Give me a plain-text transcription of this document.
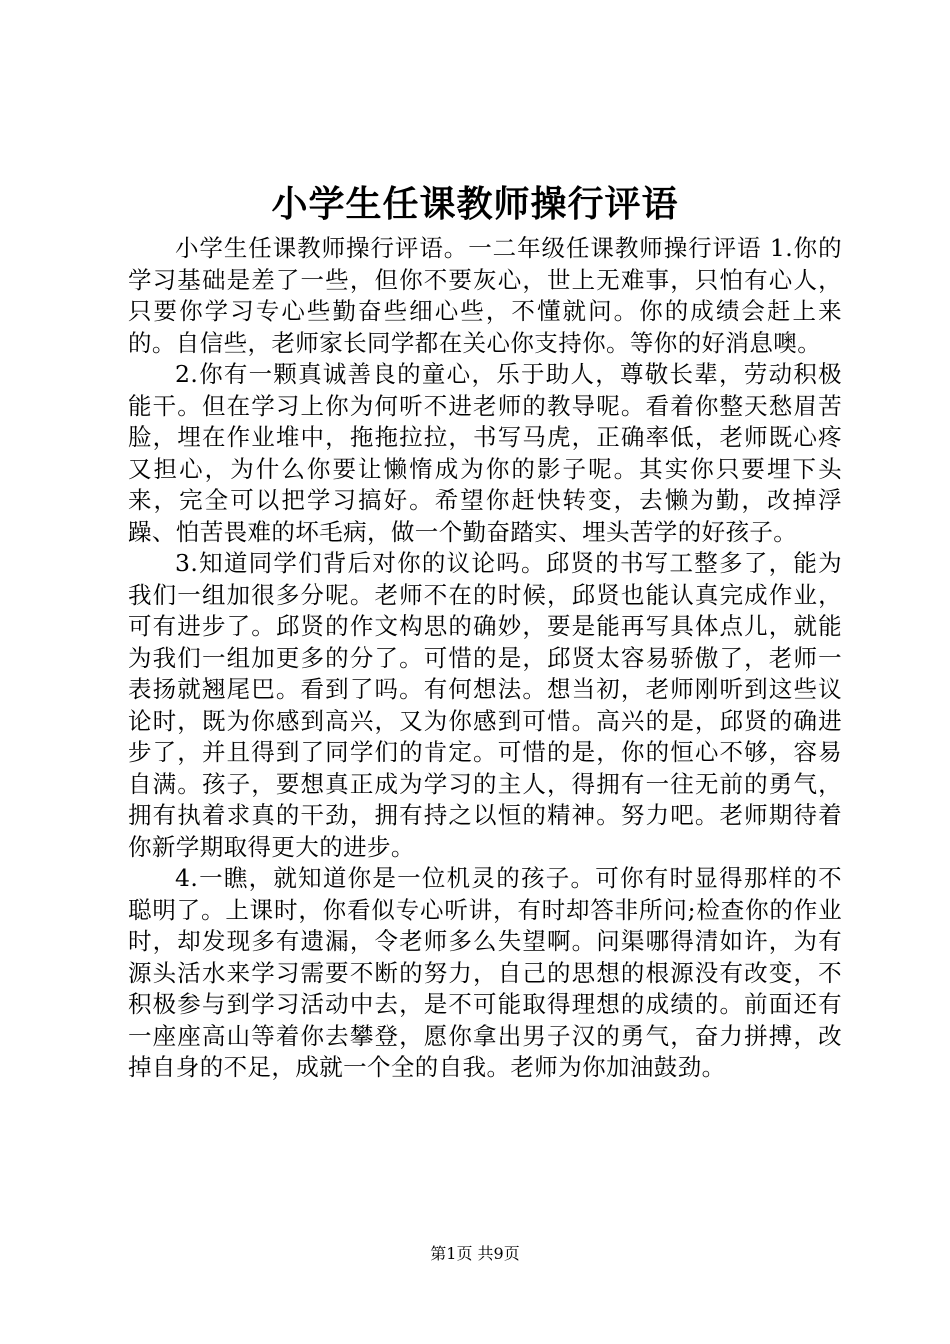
小学生任课教师操行评语

小学生任课教师操行评语。一二年级任课教师操行评语 1.你的学习基础是差了一些，但你不要灰心，世上无难事，只怕有心人，只要你学习专心些勤奋些细心些，不懂就问。你的成绩会赶上来的。自信些，老师家长同学都在关心你支持你。等你的好消息噢。

2.你有一颗真诚善良的童心，乐于助人，尊敬长辈，劳动积极能干。但在学习上你为何听不进老师的教导呢。看着你整天愁眉苦脸，埋在作业堆中，拖拖拉拉，书写马虎，正确率低，老师既心疼又担心，为什么你要让懒惰成为你的影子呢。其实你只要埋下头来，完全可以把学习搞好。希望你赶快转变，去懒为勤，改掉浮躁、怕苦畏难的坏毛病，做一个勤奋踏实、埋头苦学的好孩子。

3.知道同学们背后对你的议论吗。邱贤的书写工整多了，能为我们一组加很多分呢。老师不在的时候，邱贤也能认真完成作业，可有进步了。邱贤的作文构思的确妙，要是能再写具体点儿，就能为我们一组加更多的分了。可惜的是，邱贤太容易骄傲了，老师一表扬就翘尾巴。看到了吗。有何想法。想当初，老师刚听到这些议论时，既为你感到高兴，又为你感到可惜。高兴的是，邱贤的确进步了，并且得到了同学们的肯定。可惜的是，你的恒心不够，容易自满。孩子，要想真正成为学习的主人，得拥有一往无前的勇气，拥有执着求真的干劲，拥有持之以恒的精神。努力吧。老师期待着你新学期取得更大的进步。

4.一瞧，就知道你是一位机灵的孩子。可你有时显得那样的不聪明了。上课时，你看似专心听讲，有时却答非所问;检查你的作业时，却发现多有遗漏，令老师多么失望啊。问渠哪得清如许，为有源头活水来学习需要不断的努力，自己的思想的根源没有改变，不积极参与到学习活动中去，是不可能取得理想的成绩的。前面还有一座座高山等着你去攀登，愿你拿出男子汉的勇气，奋力拼搏，改掉自身的不足，成就一个全的自我。老师为你加油鼓劲。

第1页 共9页
